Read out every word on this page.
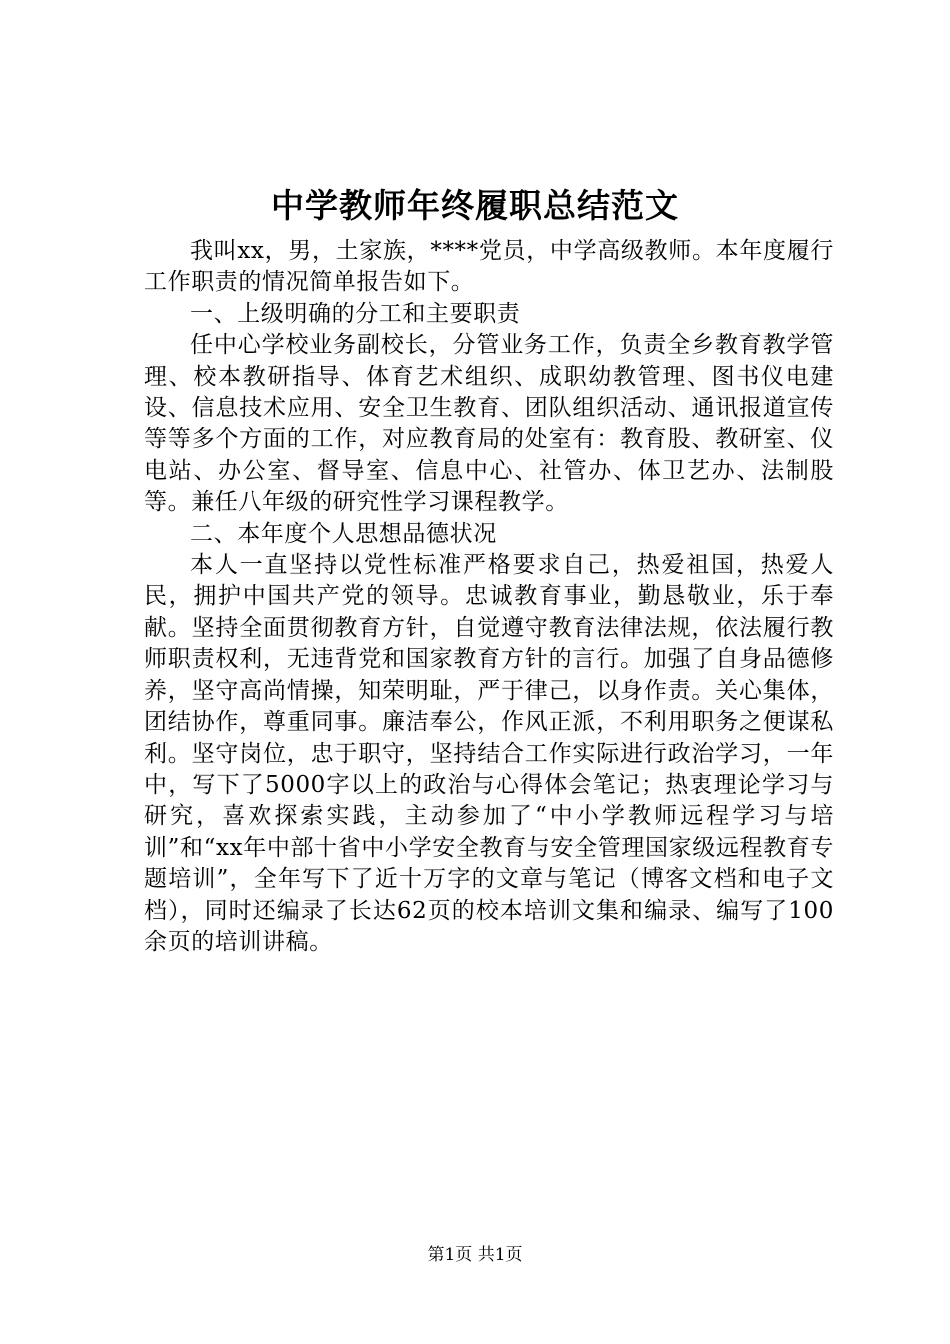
中学教师年终履职总结范文

我叫xx，男，土家族，****党员，中学高级教师。本年度履行工作职责的情况简单报告如下。

一、上级明确的分工和主要职责

任中心学校业务副校长，分管业务工作，负责全乡教育教学管理、校本教研指导、体育艺术组织、成职幼教管理、图书仪电建设、信息技术应用、安全卫生教育、团队组织活动、通讯报道宣传等等多个方面的工作，对应教育局的处室有：教育股、教研室、仪电站、办公室、督导室、信息中心、社管办、体卫艺办、法制股等。兼任八年级的研究性学习课程教学。

二、本年度个人思想品德状况

本人一直坚持以党性标准严格要求自己，热爱祖国，热爱人民，拥护中国共产党的领导。忠诚教育事业，勤恳敬业，乐于奉献。坚持全面贯彻教育方针，自觉遵守教育法律法规，依法履行教师职责权利，无违背党和国家教育方针的言行。加强了自身品德修养，坚守高尚情操，知荣明耻，严于律己，以身作责。关心集体，团结协作，尊重同事。廉洁奉公，作风正派，不利用职务之便谋私利。坚守岗位，忠于职守，坚持结合工作实际进行政治学习，一年中，写下了5000字以上的政治与心得体会笔记；热衷理论学习与研究，喜欢探索实践，主动参加了“中小学教师远程学习与培训”和“xx年中部十省中小学安全教育与安全管理国家级远程教育专题培训”，全年写下了近十万字的文章与笔记（博客文档和电子文档），同时还编录了长达62页的校本培训文集和编录、编写了100余页的培训讲稿。

第1页 共1页
